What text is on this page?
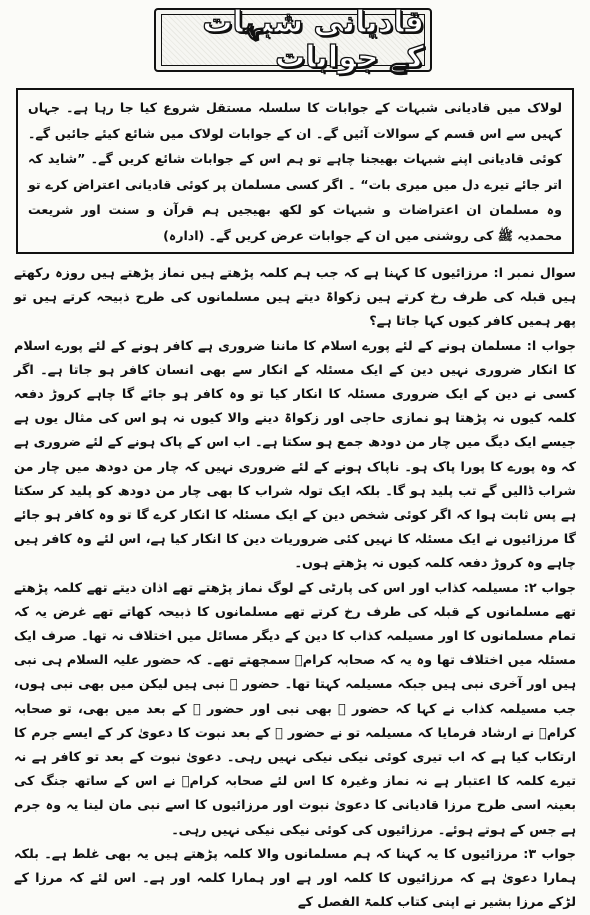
قادیانی شبہات کے جوابات

لولاک میں قادیانی شبہات کے جوابات کا سلسلہ مستقل شروع کیا جا رہا ہے۔ جہاں کہیں سے اس قسم کے سوالات آئیں گے۔ ان کے جوابات لولاک میں شائع کیئے جائیں گے۔ کوئی قادیانی اپنے شبہات بھیجنا چاہے تو ہم اس کے جوابات شائع کریں گے۔ ”شاید کہ اتر جائے تیرے دل میں میری بات“ ۔ اگر کسی مسلمان پر کوئی قادیانی اعتراض کرے تو وہ مسلمان ان اعتراضات و شبہات کو لکھ بھیجیں ہم قرآن و سنت اور شریعت محمدیہ ﷺ کی روشنی میں ان کے جوابات عرض کریں گے۔ (ادارہ)

سوال نمبر ا: مرزائیوں کا کہنا ہے کہ جب ہم کلمہ پڑھتے ہیں نماز پڑھتے ہیں روزہ رکھتے ہیں قبلہ کی طرف رخ کرتے ہیں زکواۃ دیتے ہیں مسلمانوں کی طرح ذبیحہ کرتے ہیں تو پھر ہمیں کافر کیوں کہا جاتا ہے؟

جواب ا: مسلمان ہونے کے لئے پورے اسلام کا ماننا ضروری ہے کافر ہونے کے لئے پورے اسلام کا انکار ضروری نہیں دین کے ایک مسئلہ کے انکار سے بھی انسان کافر ہو جاتا ہے۔ اگر کسی نے دین کے ایک ضروری مسئلہ کا انکار کیا تو وہ کافر ہو جائے گا چاہے کروڑ دفعہ کلمہ کیوں نہ پڑھتا ہو نمازی حاجی اور زکواۃ دینے والا کیوں نہ ہو اس کی مثال یوں ہے جیسے ایک دیگ میں چار من دودھ جمع ہو سکتا ہے۔ اب اس کے پاک ہونے کے لئے ضروری ہے کہ وہ پورے کا پورا پاک ہو۔ ناپاک ہونے کے لئے ضروری نہیں کہ چار من دودھ میں چار من شراب ڈالیں گے تب پلید ہو گا۔ بلکہ ایک تولہ شراب کا بھی چار من دودھ کو پلید کر سکتا ہے پس ثابت ہوا کہ اگر کوئی شخص دین کے ایک مسئلہ کا انکار کرے گا تو وہ کافر ہو جائے گا مرزائیوں نے ایک مسئلہ کا نہیں کئی ضروریات دین کا انکار کیا ہے، اس لئے وہ کافر ہیں چاہے وہ کروڑ دفعہ کلمہ کیوں نہ پڑھتے ہوں۔

جواب ۲: مسیلمہ کذاب اور اس کی پارٹی کے لوگ نماز پڑھتے تھے اذان دیتے تھے کلمہ پڑھتے تھے مسلمانوں کے قبلہ کی طرف رخ کرتے تھے مسلمانوں کا ذبیحہ کھاتے تھے غرض یہ کہ تمام مسلمانوں کا اور مسیلمہ کذاب کا دین کے دیگر مسائل میں اختلاف نہ تھا۔ صرف ایک مسئلہ میں اختلاف تھا وہ یہ کہ صحابہ کرامؓ سمجھتے تھے۔ کہ حضور علیہ السلام ہی نبی ہیں اور آخری نبی ہیں جبکہ مسیلمہ کہتا تھا۔ حضور ﷺ نبی ہیں لیکن میں بھی نبی ہوں، جب مسیلمہ کذاب نے کہا کہ حضور ﷺ بھی نبی اور حضور ﷺ کے بعد میں بھی، تو صحابہ کرامؓ نے ارشاد فرمایا کہ مسیلمہ تو نے حضور ﷺ کے بعد نبوت کا دعویٰ کر کے ایسے جرم کا ارتکاب کیا ہے کہ اب تیری کوئی نیکی نیکی نہیں رہی۔ دعویٰ نبوت کے بعد تو کافر ہے نہ تیرے کلمہ کا اعتبار ہے نہ نماز وغیرہ کا اس لئے صحابہ کرامؓ نے اس کے ساتھ جنگ کی بعینہ اسی طرح مرزا قادیانی کا دعویٰ نبوت اور مرزائیوں کا اسے نبی مان لینا یہ وہ جرم ہے جس کے ہوتے ہوئے۔ مرزائیوں کی کوئی نیکی نیکی نہیں رہی۔

جواب ۳: مرزائیوں کا یہ کہنا کہ ہم مسلمانوں والا کلمہ پڑھتے ہیں یہ بھی غلط ہے۔ بلکہ ہمارا دعویٰ ہے کہ مرزائیوں کا کلمہ اور ہے اور ہمارا کلمہ اور ہے۔ اس لئے کہ مرزا کے لڑکے مرزا بشیر نے اپنی کتاب کلمۃ الفصل کے
